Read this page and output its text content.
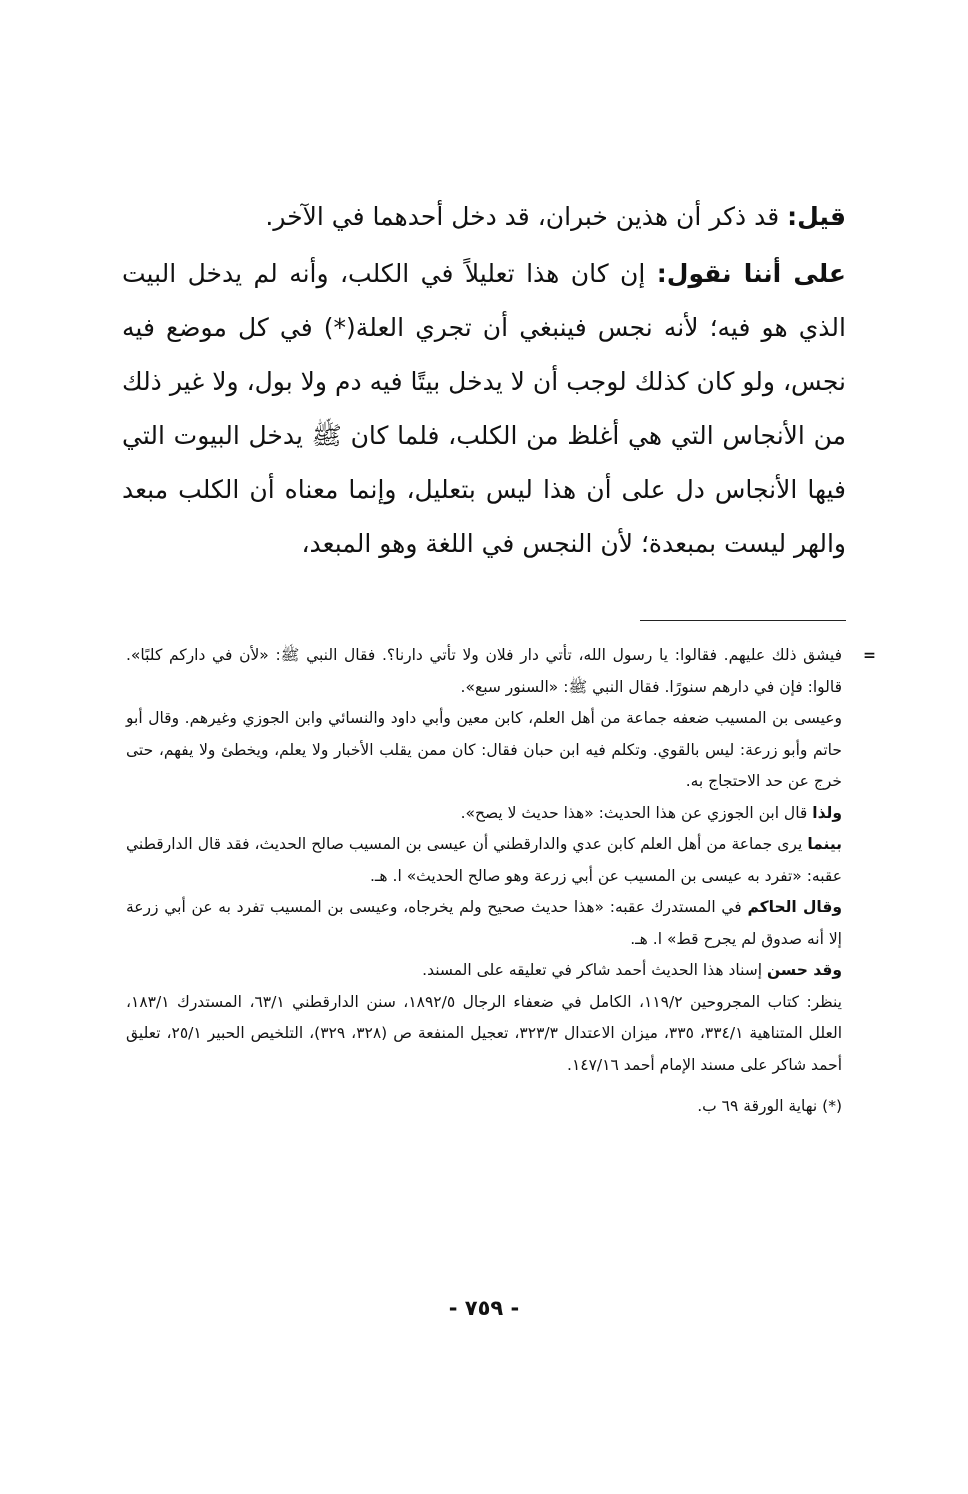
قيل: قد ذكر أن هذين خبران، قد دخل أحدهما في الآخر.

على أننا نقول: إن كان هذا تعليلاً في الكلب، وأنه لم يدخل البيت الذي هو فيه؛ لأنه نجس فينبغي أن تجري العلة(*) في كل موضع فيه نجس، ولو كان كذلك لوجب أن لا يدخل بيتًا فيه دم ولا بول، ولا غير ذلك من الأنجاس التي هي أغلظ من الكلب، فلما كان ﷺ يدخل البيوت التي فيها الأنجاس دل على أن هذا ليس بتعليل، وإنما معناه أن الكلب مبعد والهر ليست بمبعدة؛ لأن النجس في اللغة وهو المبعد،

=
فيشق ذلك عليهم. فقالوا: يا رسول الله، تأتي دار فلان ولا تأتي دارنا؟. فقال النبي ﷺ: «لأن في داركم كلبًا». قالوا: فإن في دارهم سنورًا. فقال النبي ﷺ: «السنور سبع».

وعيسى بن المسيب ضعفه جماعة من أهل العلم، كابن معين وأبي داود والنسائي وابن الجوزي وغيرهم. وقال أبو حاتم وأبو زرعة: ليس بالقوي. وتكلم فيه ابن حبان فقال: كان ممن يقلب الأخبار ولا يعلم، ويخطئ ولا يفهم، حتى خرج عن حد الاحتجاج به.

ولذا قال ابن الجوزي عن هذا الحديث: «هذا حديث لا يصح».

بينما يرى جماعة من أهل العلم كابن عدي والدارقطني أن عيسى بن المسيب صالح الحديث، فقد قال الدارقطني عقبه: «تفرد به عيسى بن المسيب عن أبي زرعة وهو صالح الحديث» ا. هـ.

وقال الحاكم في المستدرك عقبه: «هذا حديث صحيح ولم يخرجاه، وعيسى بن المسيب تفرد به عن أبي زرعة إلا أنه صدوق لم يجرح قط» ا. هـ.

وقد حسن إسناد هذا الحديث أحمد شاكر في تعليقه على المسند.

ينظر: كتاب المجروحين ١١٩/٢، الكامل في ضعفاء الرجال ١٨٩٢/٥، سنن الدارقطني ٦٣/١، المستدرك ١٨٣/١، العلل المتناهية ٣٣٤/١، ٣٣٥، ميزان الاعتدال ٣٢٣/٣، تعجيل المنفعة ص (٣٢٨، ٣٢٩)، التلخيص الحبير ٢٥/١، تعليق أحمد شاكر على مسند الإمام أحمد ١٤٧/١٦.

(*) نهاية الورقة ٦٩ ب.

- ٧٥٩ -
